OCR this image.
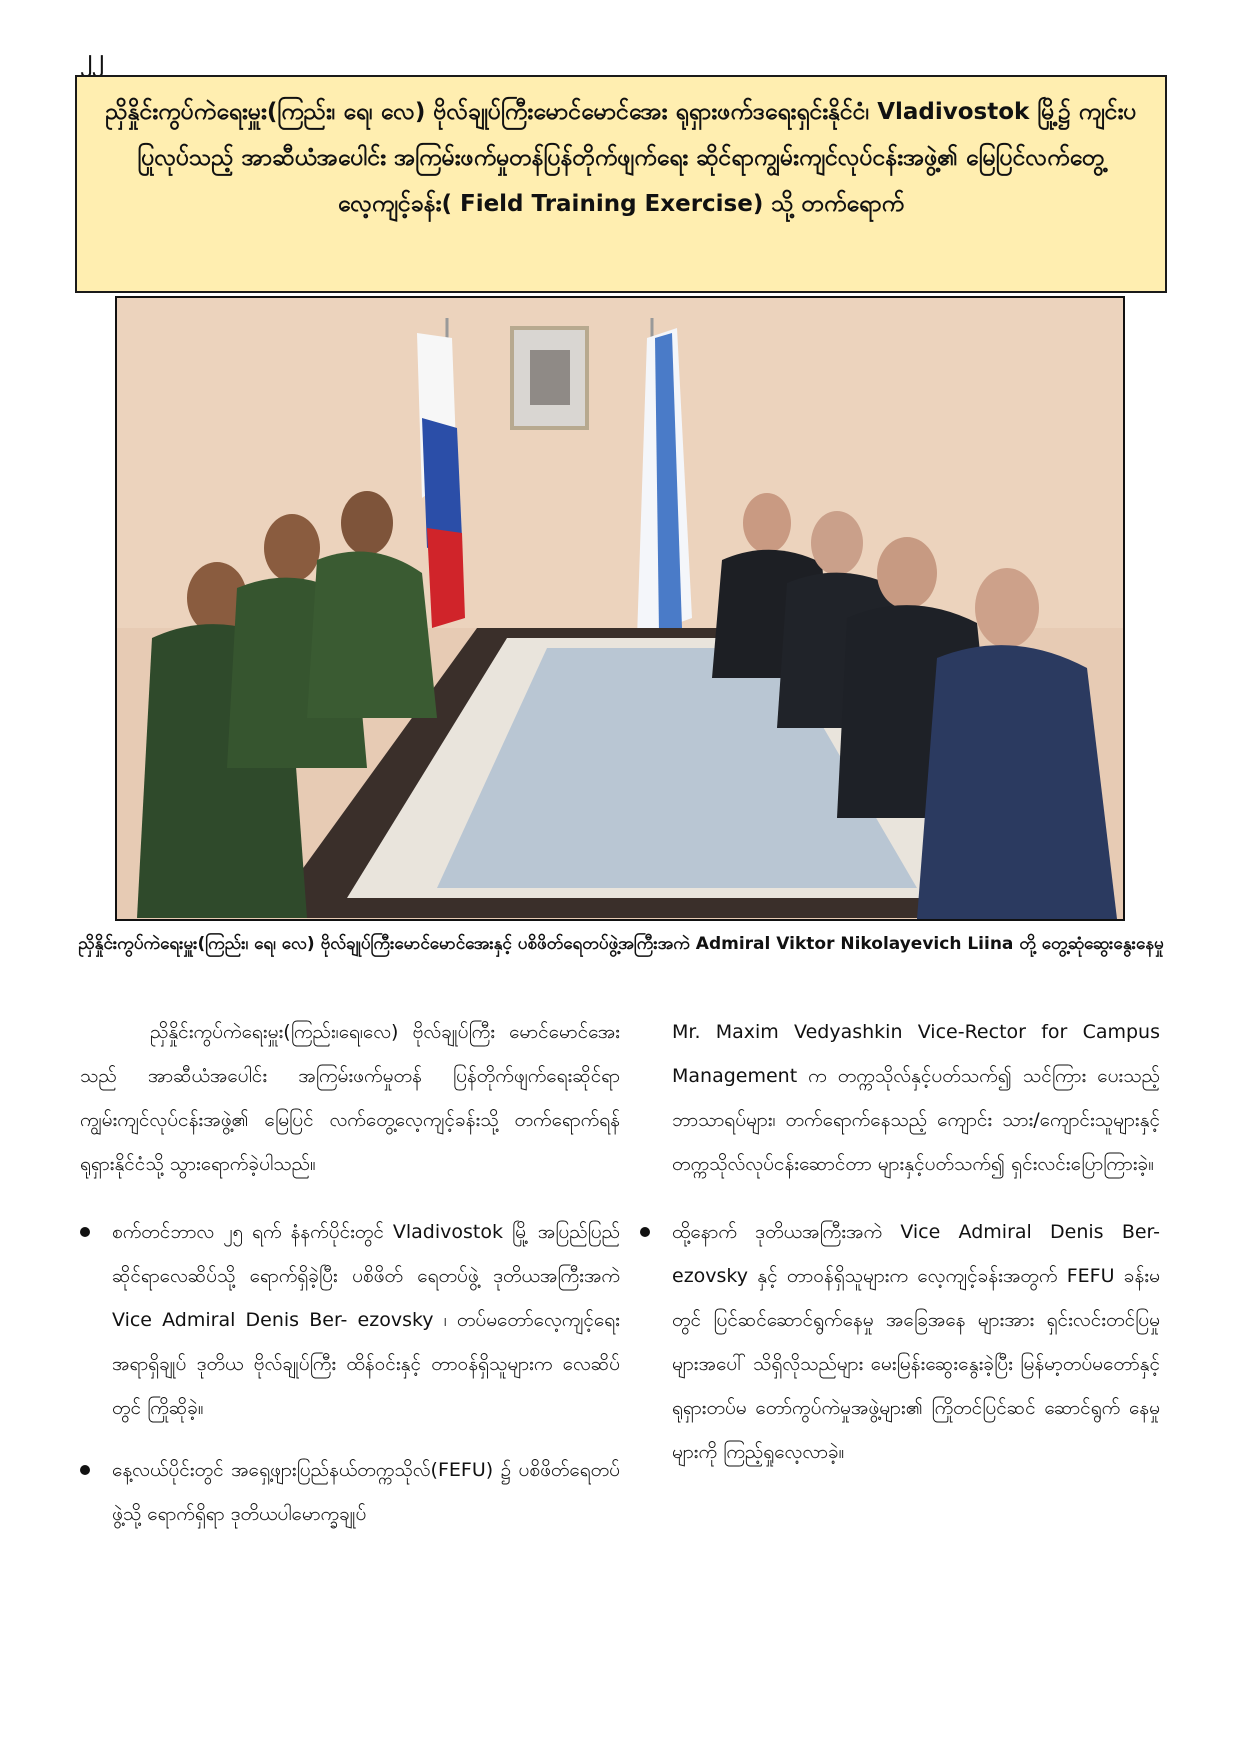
၂၂
ညှိနှိုင်းကွပ်ကဲရေးမှူး(ကြည်း၊ ရေ၊ လေ) ဗိုလ်ချုပ်ကြီးမောင်မောင်အေး ရုရှားဖက်ဒရေးရှင်းနိုင်ငံ၊ Vladivostok မြို့၌ ကျင်းပပြုလုပ်သည့် အာဆီယံအပေါင်း အကြမ်းဖက်မှုတန်ပြန်တိုက်ဖျက်ရေး ဆိုင်ရာကျွမ်းကျင်လုပ်ငန်းအဖွဲ့၏ မြေပြင်လက်တွေ့လေ့ကျင့်ခန်း( Field Training Exercise) သို့ တက်ရောက်
ညှိနှိုင်းကွပ်ကဲရေးမှူး(ကြည်း၊ ရေ၊ လေ) ဗိုလ်ချုပ်ကြီးမောင်မောင်အေးနှင့် ပစိဖိတ်ရေတပ်ဖွဲ့အကြီးအကဲ Admiral Viktor Nikolayevich Liina တို့ တွေ့ဆုံဆွေးနွေးနေမှု

ညှိနှိုင်းကွပ်ကဲရေးမှူး(ကြည်း၊ရေ၊လေ) ဗိုလ်ချုပ်ကြီး မောင်မောင်အေးသည် အာဆီယံအပေါင်း အကြမ်းဖက်မှုတန် ပြန်တိုက်ဖျက်ရေးဆိုင်ရာ ကျွမ်းကျင်လုပ်ငန်းအဖွဲ့၏ မြေပြင် လက်တွေ့လေ့ကျင့်ခန်းသို့ တက်ရောက်ရန် ရုရှားနိုင်ငံသို့ သွားရောက်ခဲ့ပါသည်။

စက်တင်ဘာလ ၂၅ ရက် နံနက်ပိုင်းတွင် Vladivostok မြို့ အပြည်ပြည်ဆိုင်ရာလေဆိပ်သို့ ရောက်ရှိခဲ့ပြီး ပစိဖိတ် ရေတပ်ဖွဲ့ ဒုတိယအကြီးအကဲ Vice Admiral Denis Ber- ezovsky ၊ တပ်မတော်လေ့ကျင့်ရေးအရာရှိချုပ် ဒုတိယ ဗိုလ်ချုပ်ကြီး ထိန်ဝင်းနှင့် တာဝန်ရှိသူများက လေဆိပ်တွင် ကြိုဆိုခဲ့။
နေ့လယ်ပိုင်းတွင် အရှေ့ဖျားပြည်နယ်တက္ကသိုလ်(FEFU) ၌ ပစိဖိတ်ရေတပ်ဖွဲ့သို့ ရောက်ရှိရာ ဒုတိယပါမောက္ခချုပ်

Mr. Maxim Vedyashkin Vice-Rector for Campus Management က တက္ကသိုလ်နှင့်ပတ်သက်၍ သင်ကြား ပေးသည့် ဘာသာရပ်များ၊ တက်ရောက်နေသည့် ကျောင်း သား/ကျောင်းသူများနှင့် တက္ကသိုလ်လုပ်ငန်းဆောင်တာ များနှင့်ပတ်သက်၍ ရှင်းလင်းပြောကြားခဲ့။

ထို့နောက် ဒုတိယအကြီးအကဲ Vice Admiral Denis Ber- ezovsky နှင့် တာဝန်ရှိသူများက လေ့ကျင့်ခန်းအတွက် FEFU ခန်းမတွင် ပြင်ဆင်ဆောင်ရွက်နေမှု အခြေအနေ များအား ရှင်းလင်းတင်ပြမှုများအပေါ် သိရှိလိုသည်များ မေးမြန်းဆွေးနွေးခဲ့ပြီး မြန်မာ့တပ်မတော်နှင့် ရုရှားတပ်မ တော်ကွပ်ကဲမှုအဖွဲ့များ၏ ကြိုတင်ပြင်ဆင် ဆောင်ရွက် နေမှုများကို ကြည့်ရှုလေ့လာခဲ့။
